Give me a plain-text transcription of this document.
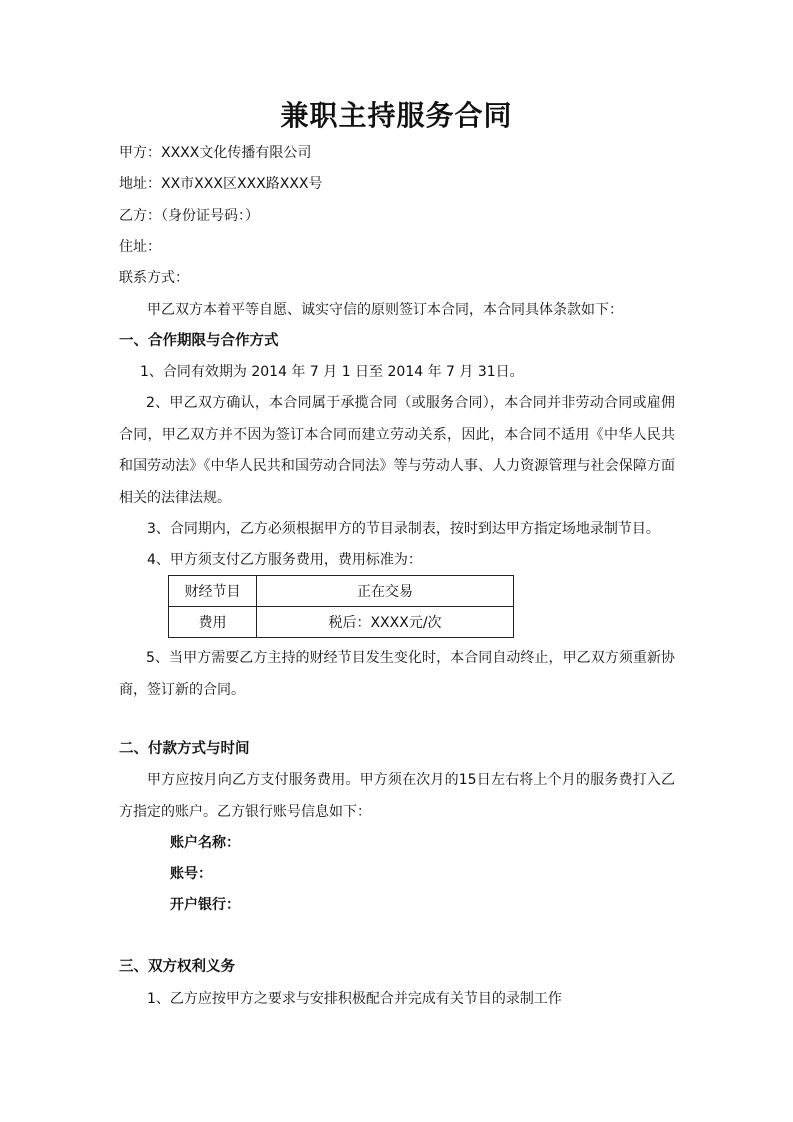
兼职主持服务合同
甲方：XXXX文化传播有限公司
地址：XX市XXX区XXX路XXX号
乙方：（身份证号码：）
住址：
联系方式：
甲乙双方本着平等自愿、诚实守信的原则签订本合同，本合同具体条款如下：
一、合作期限与合作方式
1、合同有效期为 2014 年 7 月 1 日至 2014 年 7 月 31日。
2、甲乙双方确认，本合同属于承揽合同（或服务合同），本合同并非劳动合同或雇佣合同，甲乙双方并不因为签订本合同而建立劳动关系，因此，本合同不适用《中华人民共和国劳动法》《中华人民共和国劳动合同法》等与劳动人事、人力资源管理与社会保障方面相关的法律法规。
3、合同期内，乙方必须根据甲方的节目录制表，按时到达甲方指定场地录制节目。
4、甲方须支付乙方服务费用，费用标准为：
财经节目	正在交易
费用	税后：XXXX元/次
5、当甲方需要乙方主持的财经节目发生变化时，本合同自动终止，甲乙双方须重新协商，签订新的合同。
二、付款方式与时间
甲方应按月向乙方支付服务费用。甲方须在次月的15日左右将上个月的服务费打入乙方指定的账户。乙方银行账号信息如下：
账户名称：
账号：
开户银行：
三、双方权利义务
1、乙方应按甲方之要求与安排积极配合并完成有关节目的录制工作
